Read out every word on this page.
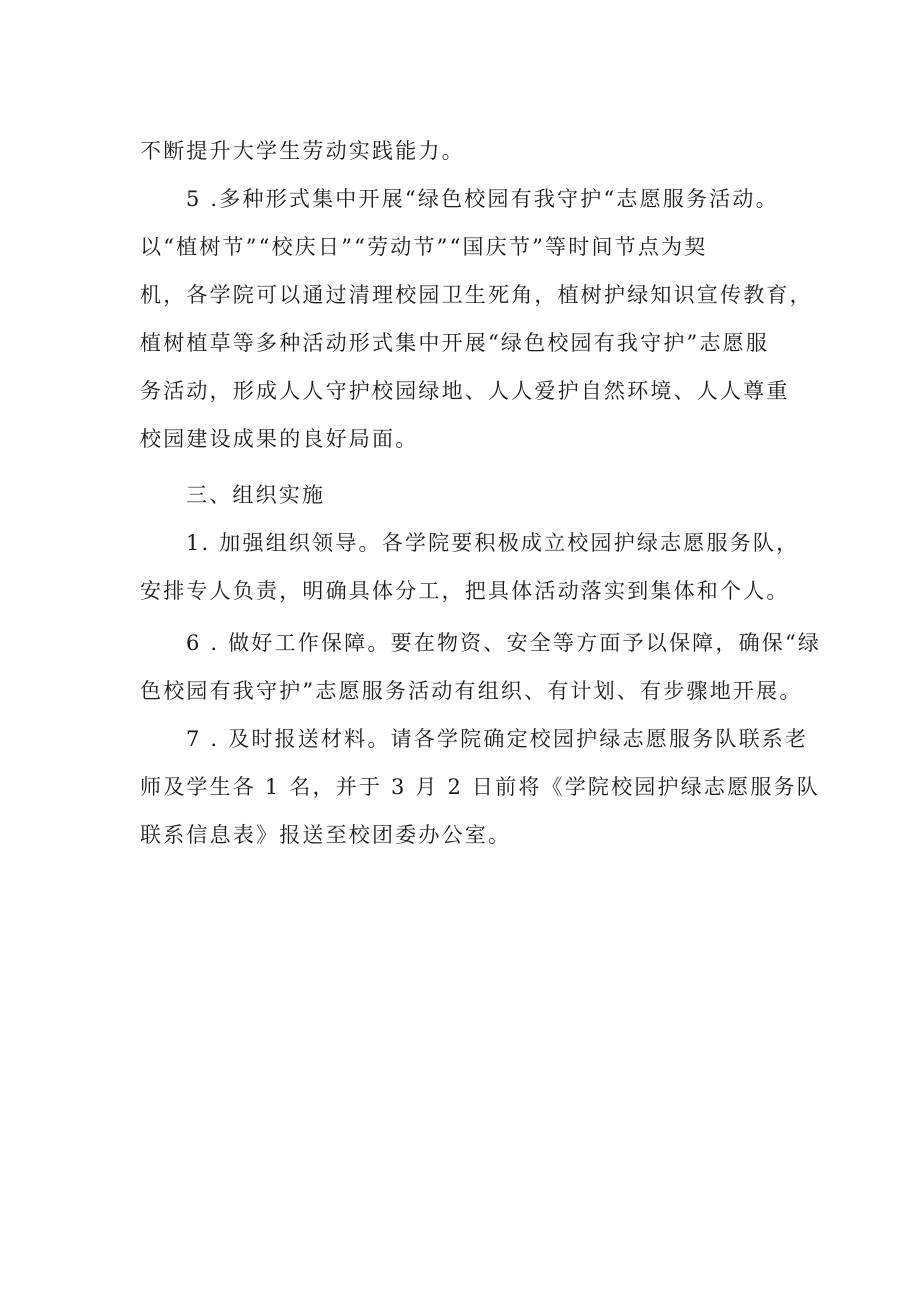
不断提升大学生劳动实践能力。
5 .多种形式集中开展“绿色校园有我守护“志愿服务活动。
以“植树节”“校庆日”“劳动节”“国庆节”等时间节点为契
机，各学院可以通过清理校园卫生死角，植树护绿知识宣传教育，
植树植草等多种活动形式集中开展“绿色校园有我守护”志愿服
务活动，形成人人守护校园绿地、人人爱护自然环境、人人尊重
校园建设成果的良好局面。
三、组织实施
1. 加强组织领导。各学院要积极成立校园护绿志愿服务队，
安排专人负责，明确具体分工，把具体活动落实到集体和个人。
6 . 做好工作保障。要在物资、安全等方面予以保障，确保“绿
色校园有我守护”志愿服务活动有组织、有计划、有步骤地开展。
7 . 及时报送材料。请各学院确定校园护绿志愿服务队联系老
师及学生各 1 名，并于 3 月 2 日前将《学院校园护绿志愿服务队
联系信息表》报送至校团委办公室。
